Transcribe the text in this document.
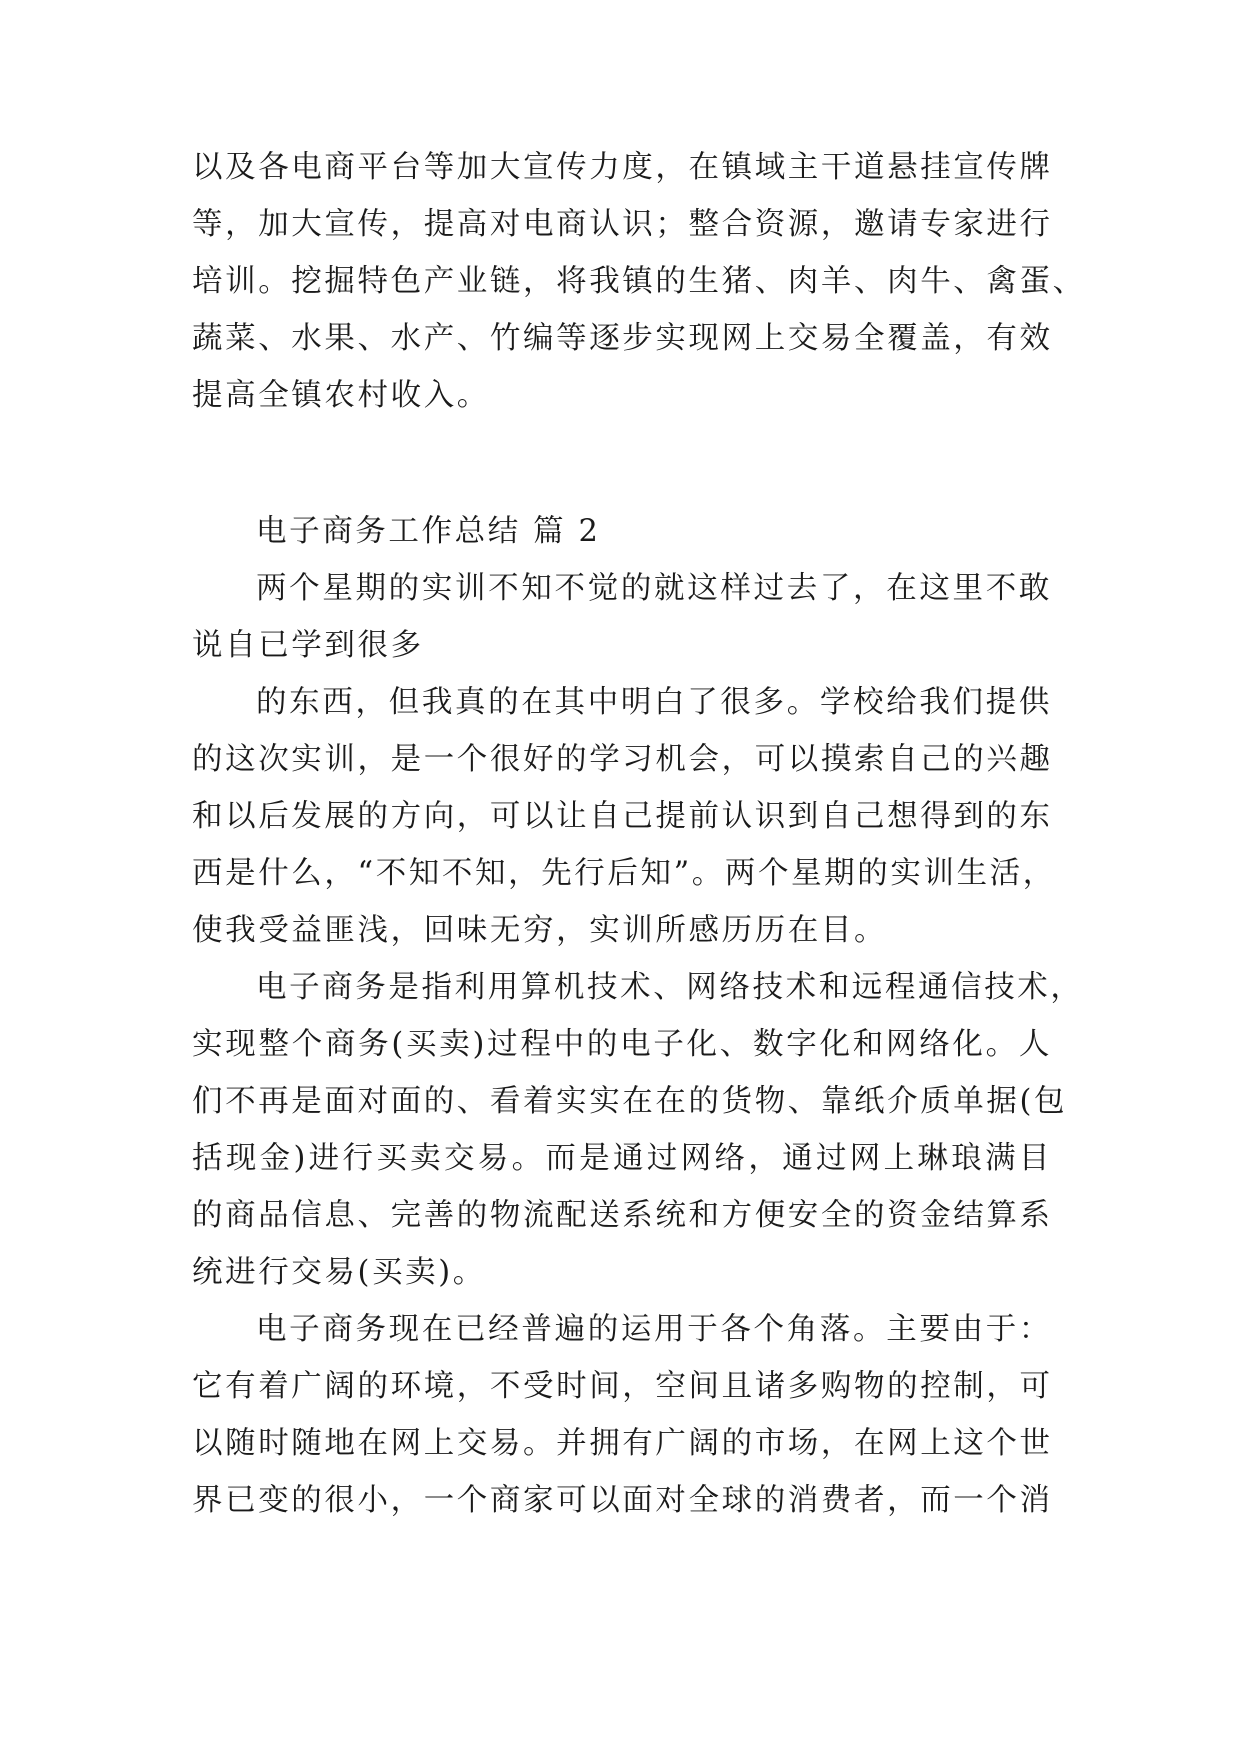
以及各电商平台等加大宣传力度，在镇域主干道悬挂宣传牌
等，加大宣传，提高对电商认识；整合资源，邀请专家进行
培训。挖掘特色产业链，将我镇的生猪、肉羊、肉牛、禽蛋、
蔬菜、水果、水产、竹编等逐步实现网上交易全覆盖，有效
提高全镇农村收入。
电子商务工作总结 篇 2
两个星期的实训不知不觉的就这样过去了，在这里不敢
说自已学到很多
的东西，但我真的在其中明白了很多。学校给我们提供
的这次实训，是一个很好的学习机会，可以摸索自己的兴趣
和以后发展的方向，可以让自己提前认识到自己想得到的东
西是什么，“不知不知，先行后知”。两个星期的实训生活，
使我受益匪浅，回味无穷，实训所感历历在目。
电子商务是指利用算机技术、网络技术和远程通信技术，
实现整个商务(买卖)过程中的电子化、数字化和网络化。人
们不再是面对面的、看着实实在在的货物、靠纸介质单据(包
括现金)进行买卖交易。而是通过网络，通过网上琳琅满目
的商品信息、完善的物流配送系统和方便安全的资金结算系
统进行交易(买卖)。
电子商务现在已经普遍的运用于各个角落。主要由于：
它有着广阔的环境，不受时间，空间且诸多购物的控制，可
以随时随地在网上交易。并拥有广阔的市场，在网上这个世
界已变的很小，一个商家可以面对全球的消费者，而一个消
